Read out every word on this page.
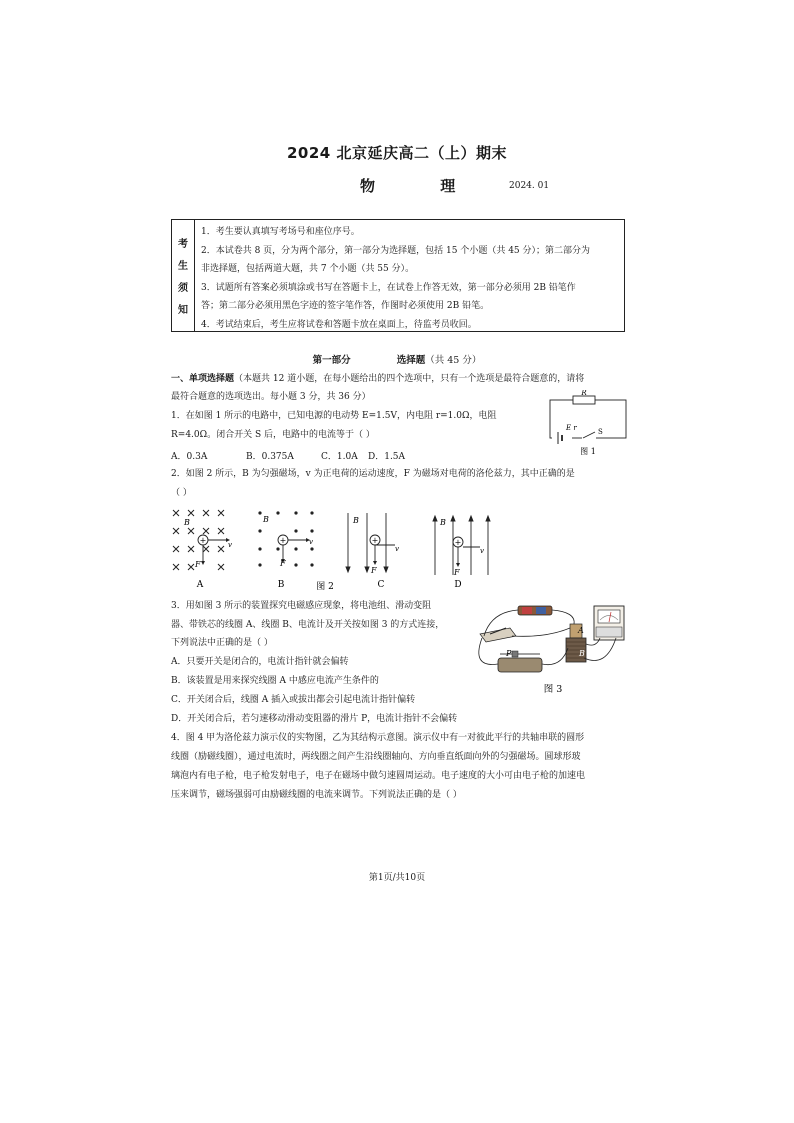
2024 北京延庆高二（上）期末
物 理	2024. 01
考
生
须
知
1．考生要认真填写考场号和座位序号。
2．本试卷共 8 页，分为两个部分，第一部分为选择题，包括 15 个小题（共 45 分）；第二部分为
非选择题，包括两道大题，共 7 个小题（共 55 分）。
3．试题所有答案必须填涂或书写在答题卡上，在试卷上作答无效，第一部分必须用 2B 铅笔作
答；第二部分必须用黑色字迹的签字笔作答，作图时必须使用 2B 铅笔。
4．考试结束后，考生应将试卷和答题卡放在桌面上，待监考员收回。
第一部分	选择题（共 45 分）
一、单项选择题（本题共 12 道小题，在每小题给出的四个选项中，只有一个选项是最符合题意的，请将
最符合题意的选项选出。每小题 3 分，共 36 分）
1．在如图 1 所示的电路中，已知电源的电动势 E=1.5V，内电阻 r=1.0Ω，电阻
R=4.0Ω。闭合开关 S 后，电路中的电流等于（ ）
A．0.3A	B．0.375A	C．1.0A D．1.5A
R
E r	S
图 1
2．如图 2 所示，B 为匀强磁场，v 为正电荷的运动速度，F 为磁场对电荷的洛伦兹力，其中正确的是
（ ）
B
+	v
F
A
B
+	v
F
B	图 2
B
+
v
F
C
B
+
v
F
D
3．用如图 3 所示的装置探究电磁感应现象，将电池组、滑动变阻
器、带铁芯的线圈 A、线圈 B、电流计及开关按如图 3 的方式连接，
下列说法中正确的是（ ）
A．只要开关是闭合的，电流计指针就会偏转
B．该装置是用来探究线圈 A 中感应电流产生条件的
C．开关闭合后，线圈 A 插入或拔出都会引起电流计指针偏转
D．开关闭合后，若匀速移动滑动变阻器的滑片 P，电流计指针不会偏转
A
B
P
图 3
4．图 4 甲为洛伦兹力演示仪的实物图，乙为其结构示意图。演示仪中有一对彼此平行的共轴串联的圆形
线圈（励磁线圈），通过电流时，两线圈之间产生沿线圈轴向、方向垂直纸面向外的匀强磁场。圆球形玻
璃泡内有电子枪，电子枪发射电子，电子在磁场中做匀速圆周运动。电子速度的大小可由电子枪的加速电
压来调节，磁场强弱可由励磁线圈的电流来调节。下列说法正确的是（ ）
第1页/共10页
